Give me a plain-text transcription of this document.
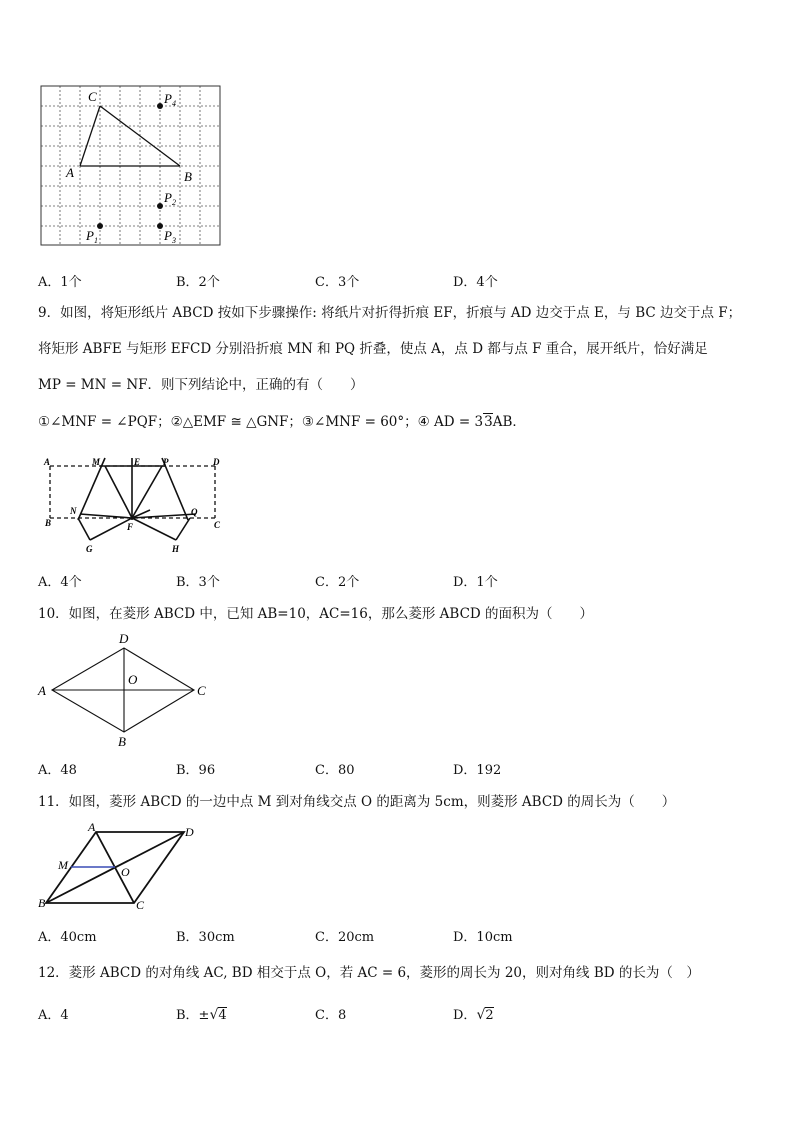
C
A	B
$P_4$
$P_2$
$P_1$	$P_3$
A．1个	B．2个	C．3个	D．4个
9．如图，将矩形纸片 ABCD 按如下步骤操作: 将纸片对折得折痕 EF，折痕与 AD 边交于点 E，与 BC 边交于点 F；
将矩形 ABFE 与矩形 EFCD 分别沿折痕 MN 和 PQ 折叠，使点 A，点 D 都与点 F 重合，展开纸片，恰好满足
MP = MN = NF．则下列结论中，正确的有（　　）
①∠MNF = ∠PQF；②△EMF ≅ △GNF；③∠MNF = 60°；④ AD = 33AB．
A	M	E	P	D
B
N
F
Q
C
G	H
A．4个	B．3个	C．2个	D．1个
10．如图，在菱形 ABCD 中，已知 AB=10，AC=16，那么菱形 ABCD 的面积为（　　）
D
A
O
C
B
A．48	B．96	C．80	D．192
11．如图，菱形 ABCD 的一边中点 M 到对角线交点 O 的距离为 5cm，则菱形 ABCD 的周长为（　　）
A	D
M	O
B	C
A．40cm	B．30cm	C．20cm	D．10cm
12．菱形 ABCD 的对角线 AC, BD 相交于点 O，若 AC = 6，菱形的周长为 20，则对角线 BD 的长为（　）
A．4	B．±√4	C．8	D．√2
